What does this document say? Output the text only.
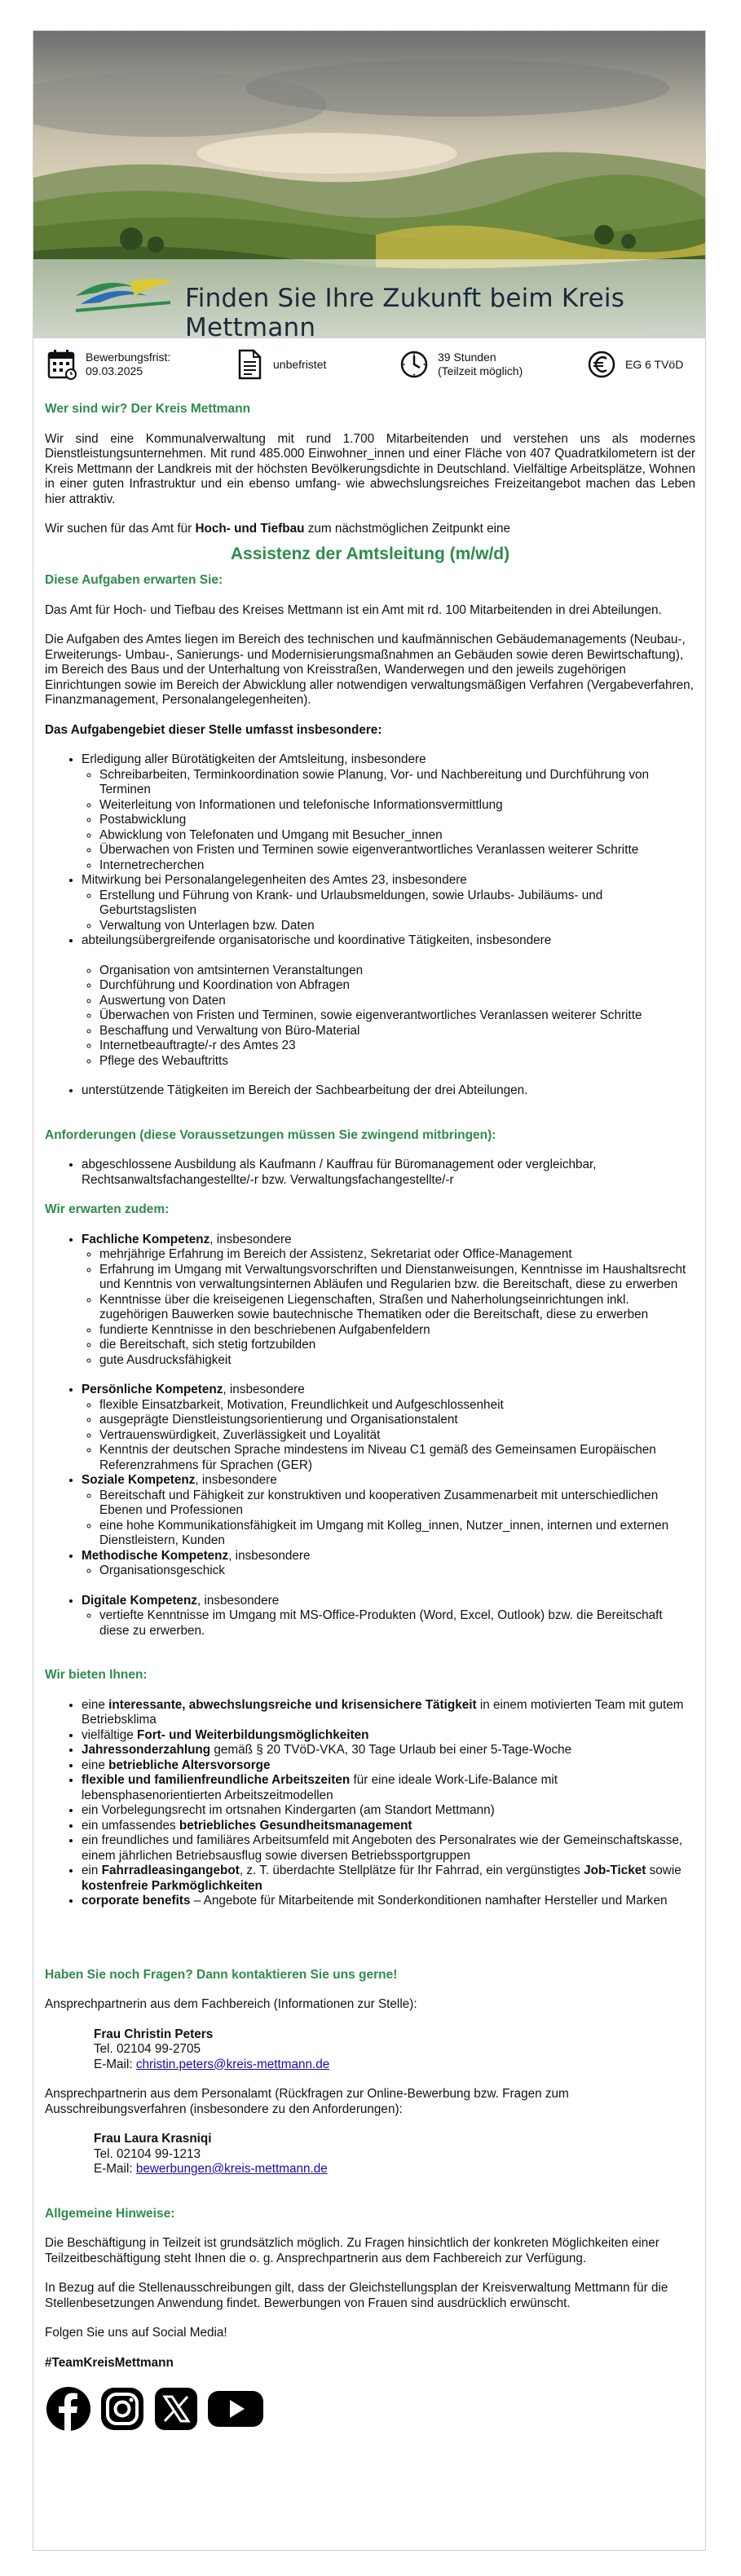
Finden Sie Ihre Zukunft beim Kreis Mettmann	© Kreisverwaltung Mettmann
Bewerbungsfrist:
09.03.2025
unbefristet
39 Stunden
(Teilzeit möglich)
EG 6 TVöD

Wer sind wir? Der Kreis Mettmann

Wir sind eine Kommunalverwaltung mit rund 1.700 Mitarbeitenden und verstehen uns als modernes Dienstleistungsunternehmen. Mit rund 485.000 Einwohner_innen und einer Fläche von 407 Quadratkilometern ist der Kreis Mettmann der Landkreis mit der höchsten Bevölkerungsdichte in Deutschland. Vielfältige Arbeitsplätze, Wohnen in einer guten Infrastruktur und ein ebenso umfang- wie abwechslungsreiches Freizeitangebot machen das Leben hier attraktiv.

Wir suchen für das Amt für Hoch- und Tiefbau zum nächstmöglichen Zeitpunkt eine

Assistenz der Amtsleitung (m/w/d)

Diese Aufgaben erwarten Sie:

Das Amt für Hoch- und Tiefbau des Kreises Mettmann ist ein Amt mit rd. 100 Mitarbeitenden in drei Abteilungen.

Die Aufgaben des Amtes liegen im Bereich des technischen und kaufmännischen Gebäudemanagements (Neubau-, Erweiterungs- Umbau-, Sanierungs- und Modernisierungsmaßnahmen an Gebäuden sowie deren Bewirtschaftung), im Bereich des Baus und der Unterhaltung von Kreisstraßen, Wanderwegen und den jeweils zugehörigen Einrichtungen sowie im Bereich der Abwicklung aller notwendigen verwaltungsmäßigen Verfahren (Vergabeverfahren, Finanzmanagement, Personalangelegenheiten).

Das Aufgabengebiet dieser Stelle umfasst insbesondere:

• Erledigung aller Bürotätigkeiten der Amtsleitung, insbesondere
◦ Schreibarbeiten, Terminkoordination sowie Planung, Vor- und Nachbereitung und Durchführung von Terminen
◦ Weiterleitung von Informationen und telefonische Informationsvermittlung
◦ Postabwicklung
◦ Abwicklung von Telefonaten und Umgang mit Besucher_innen
◦ Überwachen von Fristen und Terminen sowie eigenverantwortliches Veranlassen weiterer Schritte
◦ Internetrecherchen
• Mitwirkung bei Personalangelegenheiten des Amtes 23, insbesondere
◦ Erstellung und Führung von Krank- und Urlaubsmeldungen, sowie Urlaubs- Jubiläums- und Geburtstagslisten
◦ Verwaltung von Unterlagen bzw. Daten
• abteilungsübergreifende organisatorische und koordinative Tätigkeiten, insbesondere
◦ Organisation von amtsinternen Veranstaltungen
◦ Durchführung und Koordination von Abfragen
◦ Auswertung von Daten
◦ Überwachen von Fristen und Terminen, sowie eigenverantwortliches Veranlassen weiterer Schritte
◦ Beschaffung und Verwaltung von Büro-Material
◦ Internetbeauftragte/-r des Amtes 23
◦ Pflege des Webauftritts
• unterstützende Tätigkeiten im Bereich der Sachbearbeitung der drei Abteilungen.

Anforderungen (diese Voraussetzungen müssen Sie zwingend mitbringen):

• abgeschlossene Ausbildung als Kaufmann / Kauffrau für Büromanagement oder vergleichbar, Rechtsanwaltsfachangestellte/-r bzw. Verwaltungsfachangestellte/-r

Wir erwarten zudem:

• Fachliche Kompetenz, insbesondere
◦ mehrjährige Erfahrung im Bereich der Assistenz, Sekretariat oder Office-Management
◦ Erfahrung im Umgang mit Verwaltungsvorschriften und Dienstanweisungen, Kenntnisse im Haushaltsrecht und Kenntnis von verwaltungsinternen Abläufen und Regularien bzw. die Bereitschaft, diese zu erwerben
◦ Kenntnisse über die kreiseigenen Liegenschaften, Straßen und Naherholungseinrichtungen inkl. zugehörigen Bauwerken sowie bautechnische Thematiken oder die Bereitschaft, diese zu erwerben
◦ fundierte Kenntnisse in den beschriebenen Aufgabenfeldern
◦ die Bereitschaft, sich stetig fortzubilden
◦ gute Ausdrucksfähigkeit
• Persönliche Kompetenz, insbesondere
◦ flexible Einsatzbarkeit, Motivation, Freundlichkeit und Aufgeschlossenheit
◦ ausgeprägte Dienstleistungsorientierung und Organisationstalent
◦ Vertrauenswürdigkeit, Zuverlässigkeit und Loyalität
◦ Kenntnis der deutschen Sprache mindestens im Niveau C1 gemäß des Gemeinsamen Europäischen Referenzrahmens für Sprachen (GER)
• Soziale Kompetenz, insbesondere
◦ Bereitschaft und Fähigkeit zur konstruktiven und kooperativen Zusammenarbeit mit unterschiedlichen Ebenen und Professionen
◦ eine hohe Kommunikationsfähigkeit im Umgang mit Kolleg_innen, Nutzer_innen, internen und externen Dienstleistern, Kunden
• Methodische Kompetenz, insbesondere
◦ Organisationsgeschick
• Digitale Kompetenz, insbesondere
◦ vertiefte Kenntnisse im Umgang mit MS-Office-Produkten (Word, Excel, Outlook) bzw. die Bereitschaft diese zu erwerben.

Wir bieten Ihnen:

• eine interessante, abwechslungsreiche und krisensichere Tätigkeit in einem motivierten Team mit gutem Betriebsklima
• vielfältige Fort- und Weiterbildungsmöglichkeiten
• Jahressonderzahlung gemäß § 20 TVöD-VKA, 30 Tage Urlaub bei einer 5-Tage-Woche
• eine betriebliche Altersvorsorge
• flexible und familienfreundliche Arbeitszeiten für eine ideale Work-Life-Balance mit lebensphasenorientierten Arbeitszeitmodellen
• ein Vorbelegungsrecht im ortsnahen Kindergarten (am Standort Mettmann)
• ein umfassendes betriebliches Gesundheitsmanagement
• ein freundliches und familiäres Arbeitsumfeld mit Angeboten des Personalrates wie der Gemeinschaftskasse, einem jährlichen Betriebsausflug sowie diversen Betriebssportgruppen
• ein Fahrradleasingangebot, z. T. überdachte Stellplätze für Ihr Fahrrad, ein vergünstigtes Job-Ticket sowie kostenfreie Parkmöglichkeiten
• corporate benefits – Angebote für Mitarbeitende mit Sonderkonditionen namhafter Hersteller und Marken

Haben Sie noch Fragen? Dann kontaktieren Sie uns gerne!

Ansprechpartnerin aus dem Fachbereich (Informationen zur Stelle):

Frau Christin Peters

Tel. 02104 99-2705

E-Mail: christin.peters@kreis-mettmann.de

Ansprechpartnerin aus dem Personalamt (Rückfragen zur Online-Bewerbung bzw. Fragen zum Ausschreibungsverfahren (insbesondere zu den Anforderungen):

Frau Laura Krasniqi

Tel. 02104 99-1213

E-Mail: bewerbungen@kreis-mettmann.de

Allgemeine Hinweise:

Die Beschäftigung in Teilzeit ist grundsätzlich möglich. Zu Fragen hinsichtlich der konkreten Möglichkeiten einer Teilzeitbeschäftigung steht Ihnen die o. g. Ansprechpartnerin aus dem Fachbereich zur Verfügung.

In Bezug auf die Stellenausschreibungen gilt, dass der Gleichstellungsplan der Kreisverwaltung Mettmann für die Stellenbesetzungen Anwendung findet. Bewerbungen von Frauen sind ausdrücklich erwünscht.

Folgen Sie uns auf Social Media!

#TeamKreisMettmann
